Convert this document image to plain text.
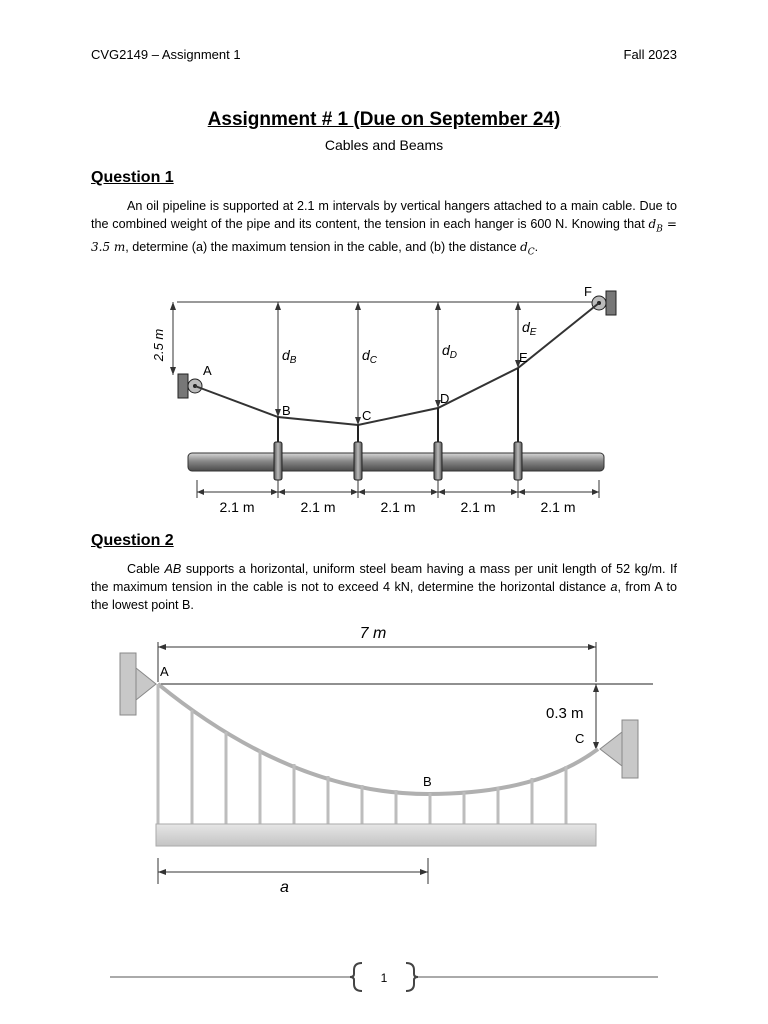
CVG2149 – Assignment 1	Fall 2023
Assignment # 1 (Due on September 24)
Cables and Beams
Question 1
An oil pipeline is supported at 2.1 m intervals by vertical hangers attached to a main cable. Due to the combined weight of the pipe and its content, the tension in each hanger is 600 N. Knowing that $d_B = 3.5$ m, determine (a) the maximum tension in the cable, and (b) the distance $d_C$.
2.5 m
A
F
$d_B$	$d_C$
$d_D$
$d_E$
B	C
D
E
2.1 m	2.1 m	2.1 m	2.1 m	2.1 m
Question 2
Cable AB supports a horizontal, uniform steel beam having a mass per unit length of 52 kg/m. If the maximum tension in the cable is not to exceed 4 kN, determine the horizontal distance a, from A to the lowest point B.
7 m
A
0.3 m
C
B
a
1
